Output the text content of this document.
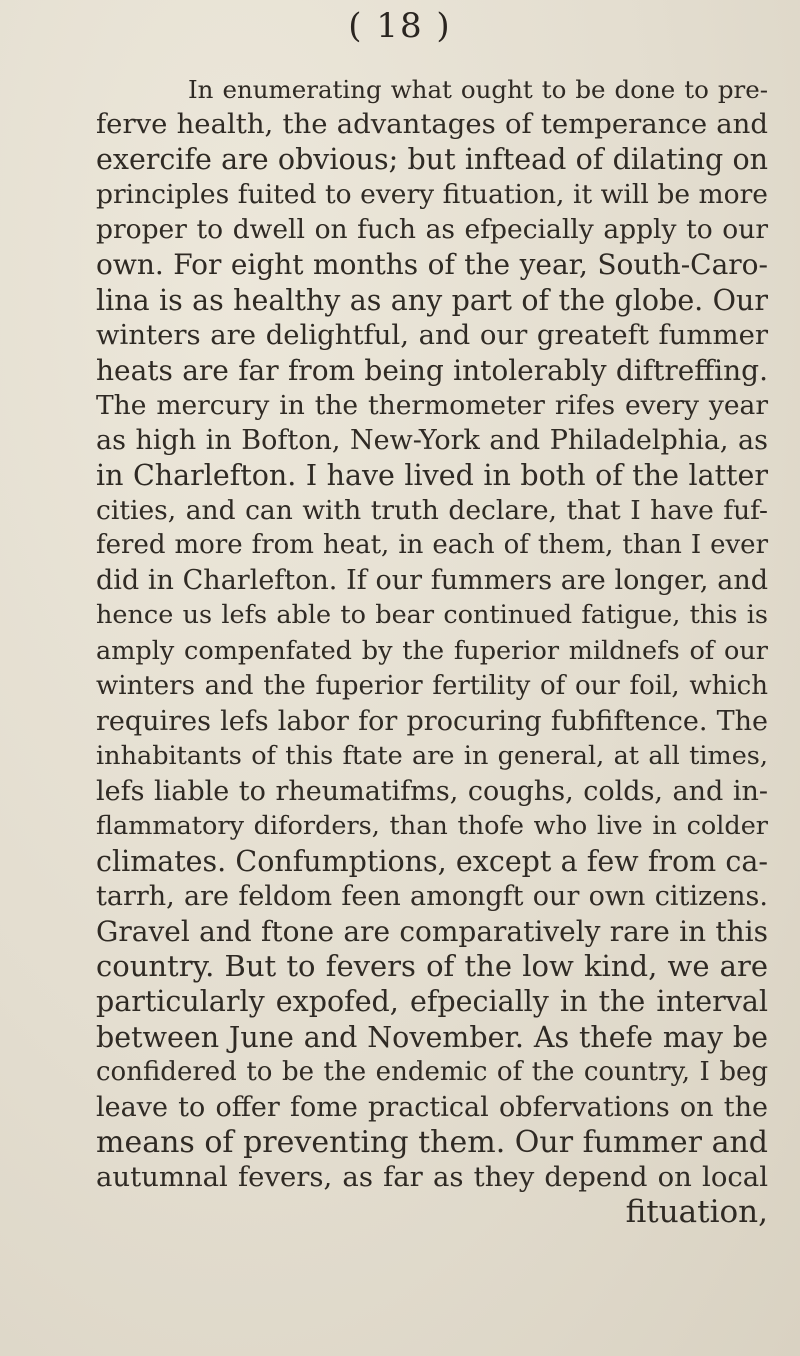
( 18 )
In enumerating what ought to be done to pre-
ferve health, the advantages of temperance and
exercife are obvious; but inftead of dilating on
principles fuited to every fituation, it will be more
proper to dwell on fuch as efpecially apply to our
own. For eight months of the year, South-Caro-
lina is as healthy as any part of the globe. Our
winters are delightful, and our greateft fummer
heats are far from being intolerably diftreffing.
The mercury in the thermometer rifes every year
as high in Bofton, New-York and Philadelphia, as
in Charlefton. I have lived in both of the latter
cities, and can with truth declare, that I have fuf-
fered more from heat, in each of them, than I ever
did in Charlefton. If our fummers are longer, and
hence us lefs able to bear continued fatigue, this is
amply compenfated by the fuperior mildnefs of our
winters and the fuperior fertility of our foil, which
requires lefs labor for procuring fubfiftence. The
inhabitants of this ftate are in general, at all times,
lefs liable to rheumatifms, coughs, colds, and in-
flammatory diforders, than thofe who live in colder
climates. Confumptions, except a few from ca-
tarrh, are feldom feen amongft our own citizens.
Gravel and ftone are comparatively rare in this
country. But to fevers of the low kind, we are
particularly expofed, efpecially in the interval
between June and November. As thefe may be
confidered to be the endemic of the country, I beg
leave to offer fome practical obfervations on the
means of preventing them. Our fummer and
autumnal fevers, as far as they depend on local
fituation,
